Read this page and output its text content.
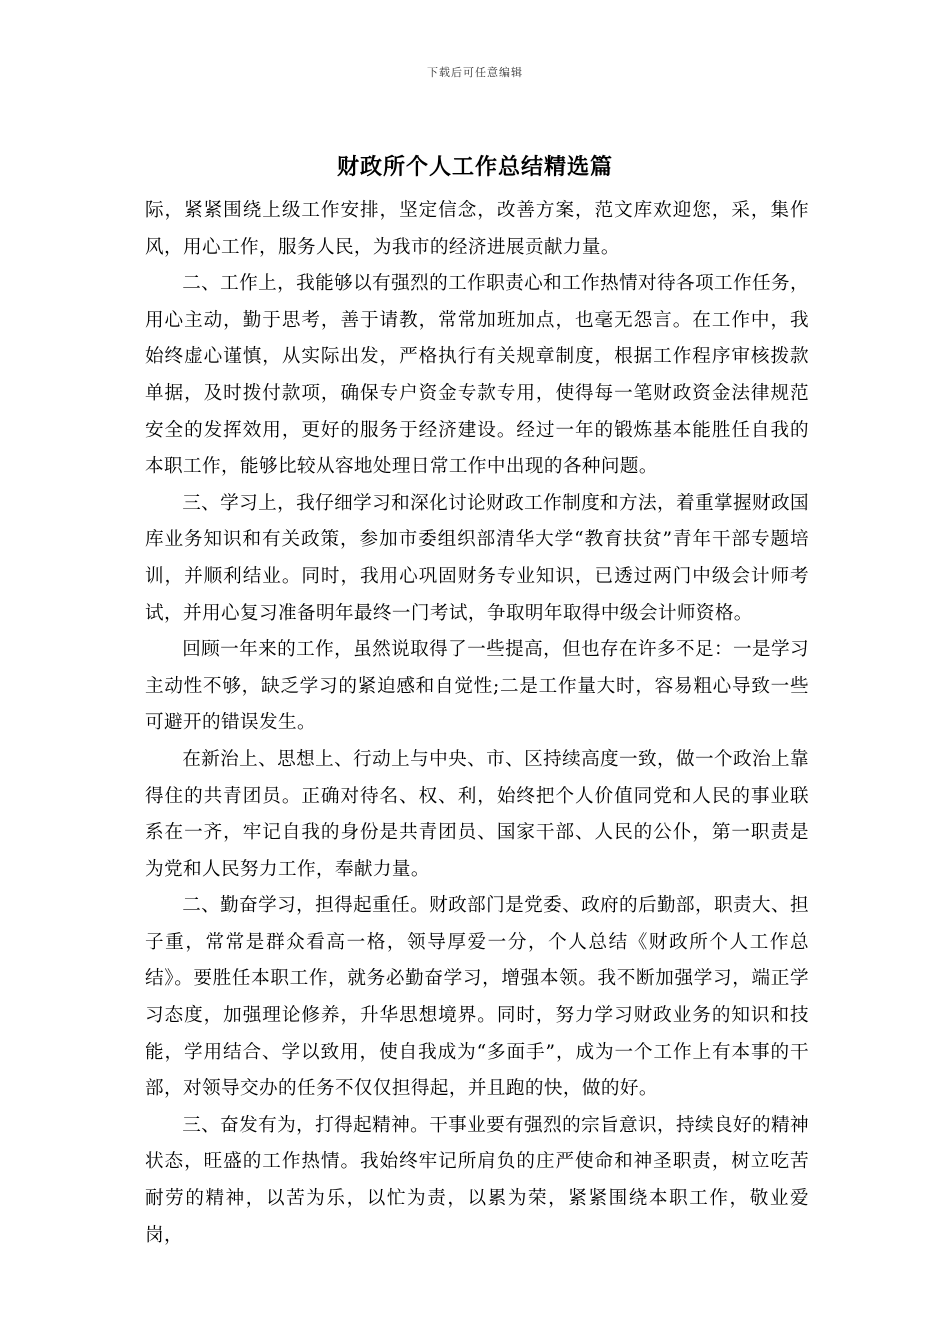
下载后可任意编辑
财政所个人工作总结精选篇

际，紧紧围绕上级工作安排，坚定信念，改善方案，范文库欢迎您，采，集作风，用心工作，服务人民，为我市的经济进展贡献力量。

二、工作上，我能够以有强烈的工作职责心和工作热情对待各项工作任务，用心主动，勤于思考，善于请教，常常加班加点，也毫无怨言。在工作中，我始终虚心谨慎，从实际出发，严格执行有关规章制度，根据工作程序审核拨款单据，及时拨付款项，确保专户资金专款专用，使得每一笔财政资金法律规范安全的发挥效用，更好的服务于经济建设。经过一年的锻炼基本能胜任自我的本职工作，能够比较从容地处理日常工作中出现的各种问题。

三、学习上，我仔细学习和深化讨论财政工作制度和方法，着重掌握财政国库业务知识和有关政策，参加市委组织部清华大学“教育扶贫”青年干部专题培训，并顺利结业。同时，我用心巩固财务专业知识，已透过两门中级会计师考试，并用心复习准备明年最终一门考试，争取明年取得中级会计师资格。

回顾一年来的工作，虽然说取得了一些提高，但也存在许多不足：一是学习主动性不够，缺乏学习的紧迫感和自觉性;二是工作量大时，容易粗心导致一些可避开的错误发生。

在新治上、思想上、行动上与中央、市、区持续高度一致，做一个政治上靠得住的共青团员。正确对待名、权、利，始终把个人价值同党和人民的事业联系在一齐，牢记自我的身份是共青团员、国家干部、人民的公仆，第一职责是为党和人民努力工作，奉献力量。

二、勤奋学习，担得起重任。财政部门是党委、政府的后勤部，职责大、担子重，常常是群众看高一格，领导厚爱一分，个人总结《财政所个人工作总结》。要胜任本职工作，就务必勤奋学习，增强本领。我不断加强学习，端正学习态度，加强理论修养，升华思想境界。同时，努力学习财政业务的知识和技能，学用结合、学以致用，使自我成为“多面手”，成为一个工作上有本事的干部，对领导交办的任务不仅仅担得起，并且跑的快，做的好。

三、奋发有为，打得起精神。干事业要有强烈的宗旨意识，持续良好的精神状态，旺盛的工作热情。我始终牢记所肩负的庄严使命和神圣职责，树立吃苦耐劳的精神，以苦为乐，以忙为责，以累为荣，紧紧围绕本职工作，敬业爱岗，
